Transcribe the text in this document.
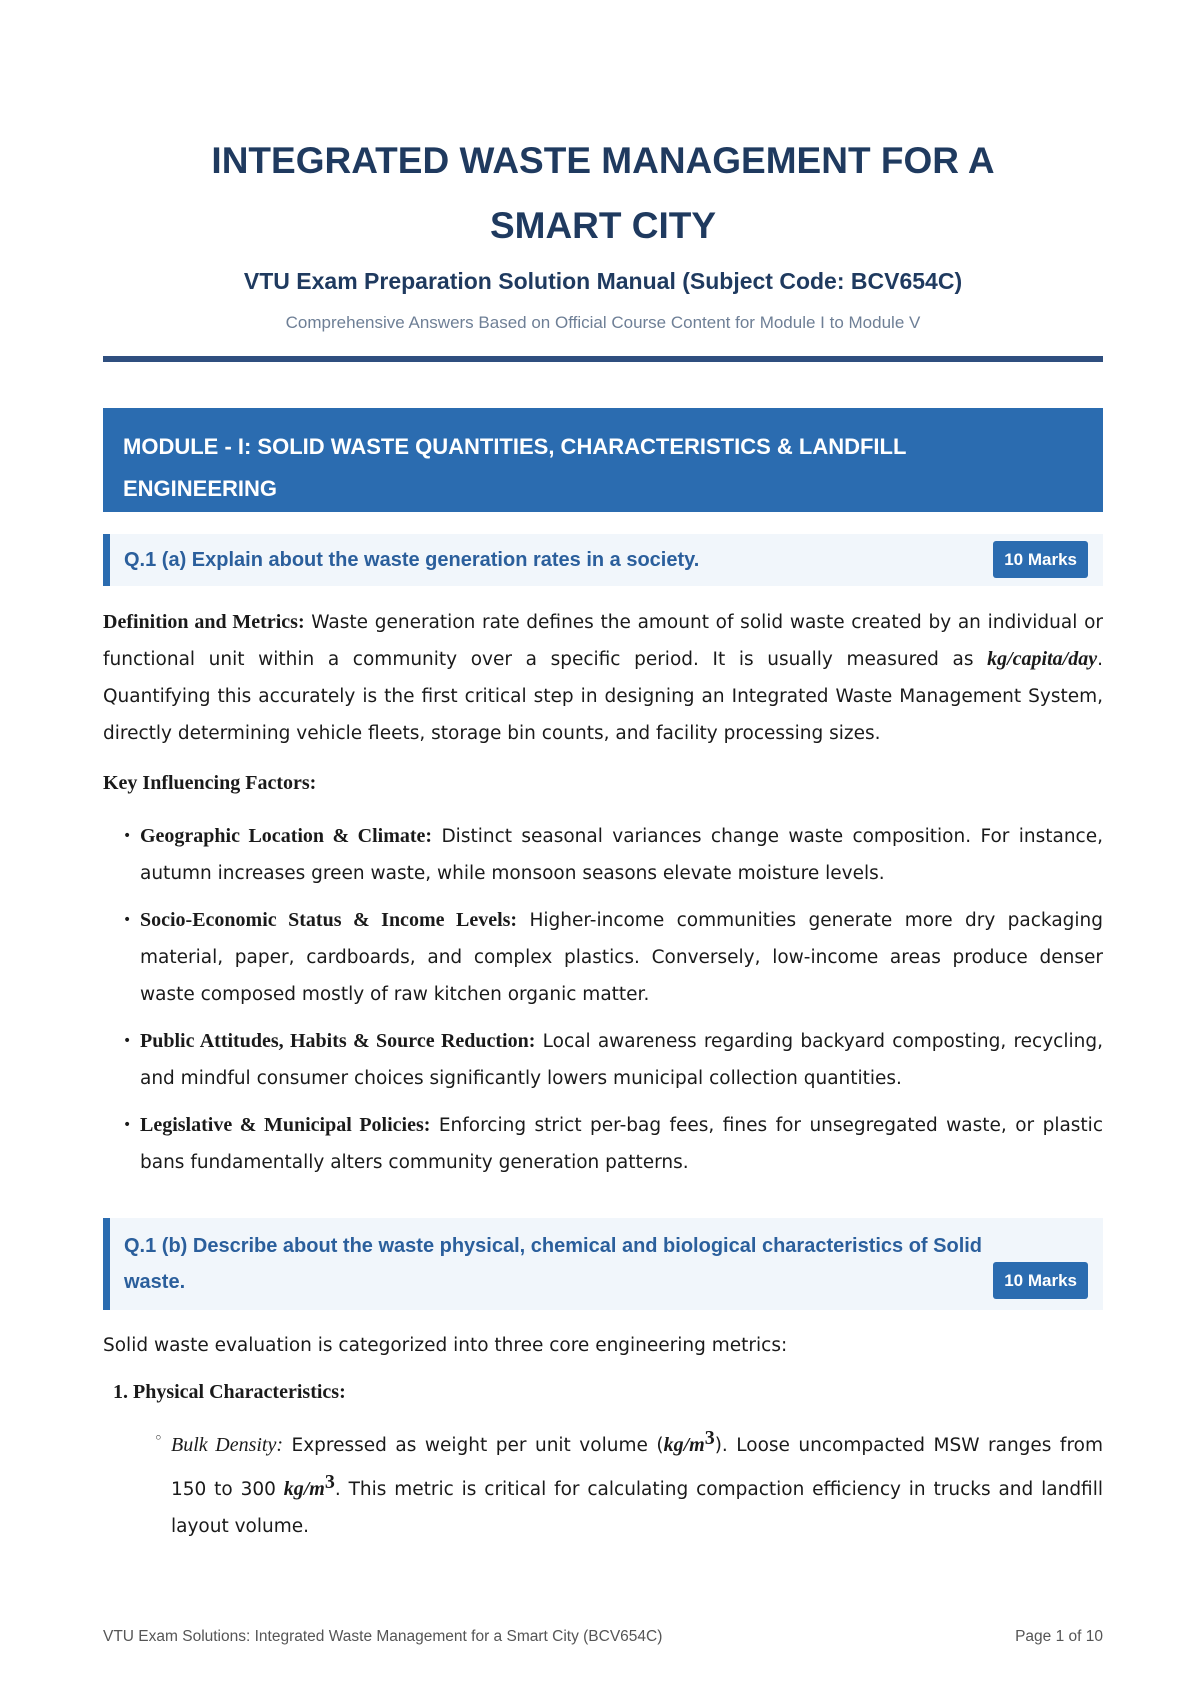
INTEGRATED WASTE MANAGEMENT FOR A
SMART CITY
VTU Exam Preparation Solution Manual (Subject Code: BCV654C)
Comprehensive Answers Based on Official Course Content for Module I to Module V
MODULE - I: SOLID WASTE QUANTITIES, CHARACTERISTICS & LANDFILL
ENGINEERING
Q.1 (a) Explain about the waste generation rates in a society.	10 Marks
Definition and Metrics: Waste generation rate defines the amount of solid waste created by an individual or functional unit within a community over a specific period. It is usually measured as kg/capita/day. Quantifying this accurately is the first critical step in designing an Integrated Waste Management System, directly determining vehicle fleets, storage bin counts, and facility processing sizes.
Key Influencing Factors:
• Geographic Location & Climate: Distinct seasonal variances change waste composition. For instance, autumn increases green waste, while monsoon seasons elevate moisture levels.
• Socio-Economic Status & Income Levels: Higher-income communities generate more dry packaging material, paper, cardboards, and complex plastics. Conversely, low-income areas produce denser waste composed mostly of raw kitchen organic matter.
• Public Attitudes, Habits & Source Reduction: Local awareness regarding backyard composting, recycling, and mindful consumer choices significantly lowers municipal collection quantities.
• Legislative & Municipal Policies: Enforcing strict per-bag fees, fines for unsegregated waste, or plastic bans fundamentally alters community generation patterns.
Q.1 (b) Describe about the waste physical, chemical and biological characteristics of Solid
waste.	10 Marks
Solid waste evaluation is categorized into three core engineering metrics:
1. Physical Characteristics:
◦ Bulk Density: Expressed as weight per unit volume $(kg/m^3)$. Loose uncompacted MSW ranges from 150 to 300 $kg/m^3$. This metric is critical for calculating compaction efficiency in trucks and landfill layout volume.
VTU Exam Solutions: Integrated Waste Management for a Smart City (BCV654C)	Page 1 of 10
